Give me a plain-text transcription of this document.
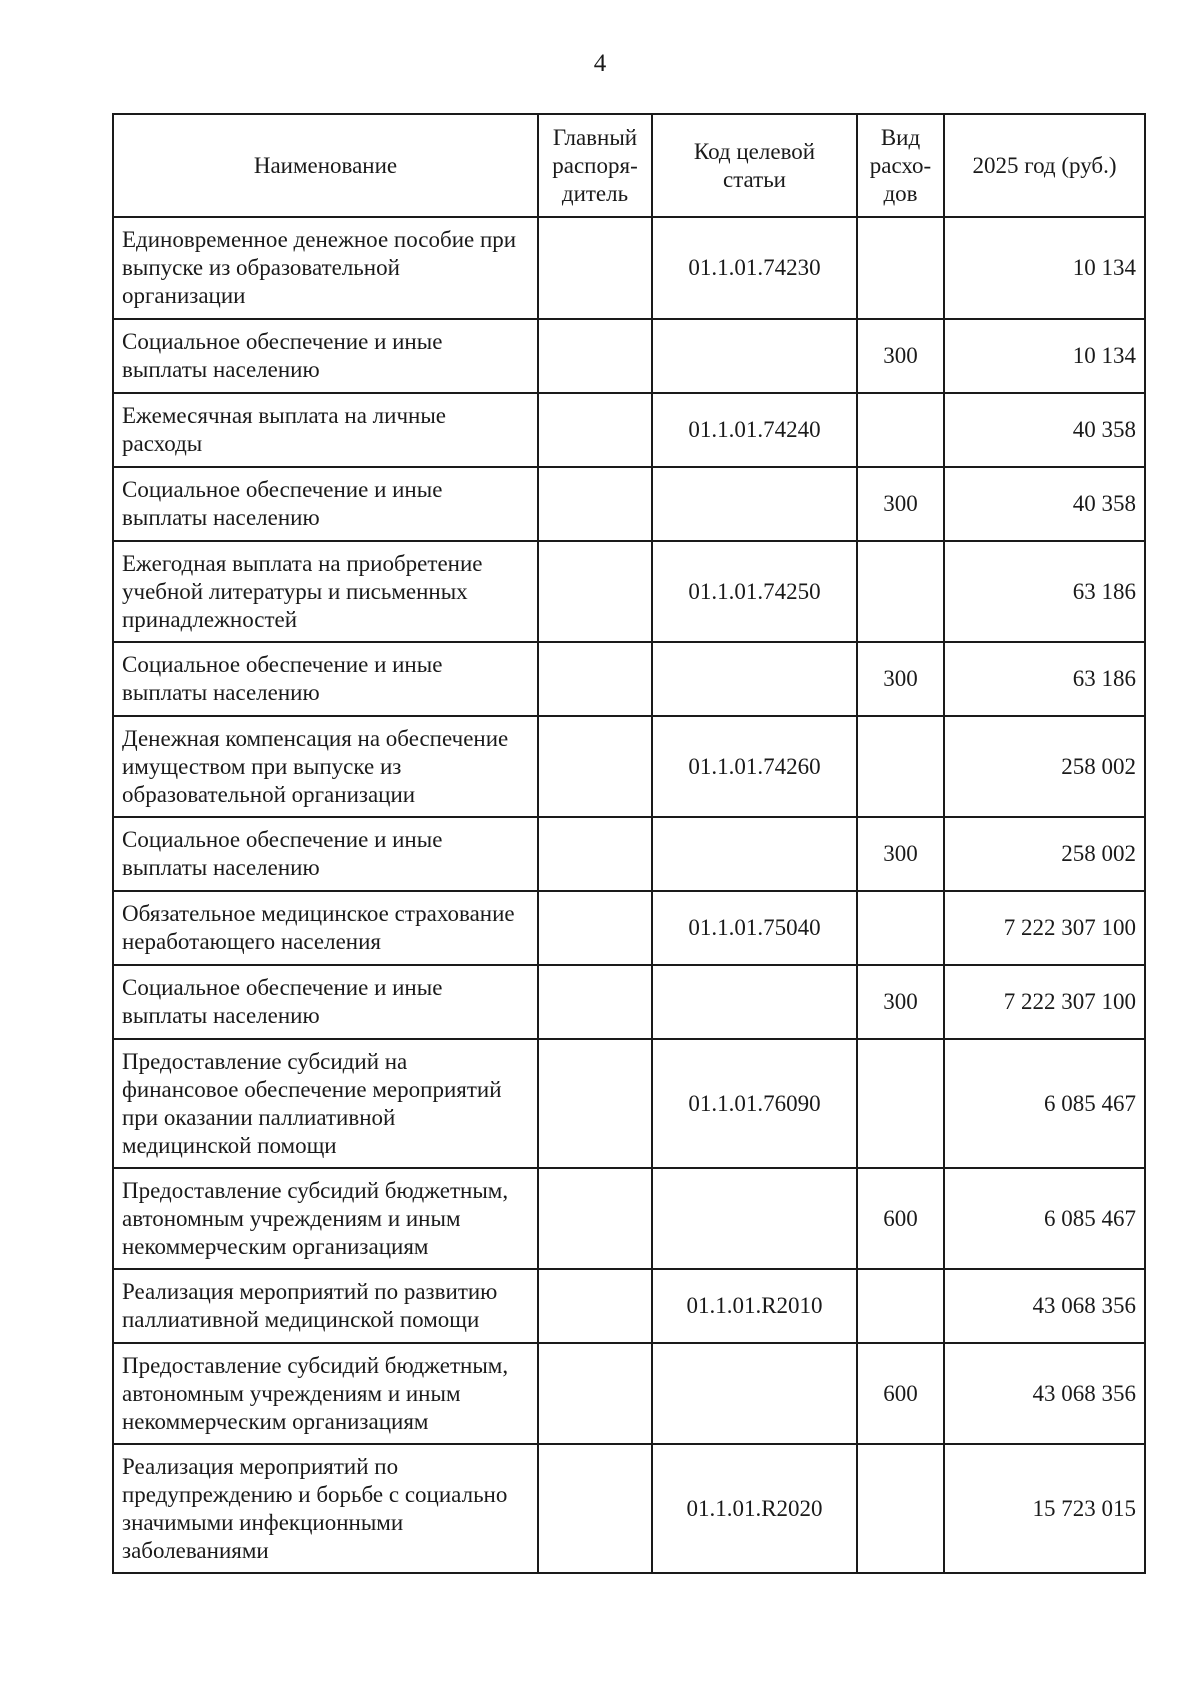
4
Наименование	Главный распоря-дитель	Код целевой статьи	Вид расхо-дов	2025 год (руб.)
Единовременное денежное пособие при выпуске из образовательной организации		01.1.01.74230		10 134
Социальное обеспечение и иные выплаты населению			300	10 134
Ежемесячная выплата на личные расходы		01.1.01.74240		40 358
Социальное обеспечение и иные выплаты населению			300	40 358
Ежегодная выплата на приобретение учебной литературы и письменных принадлежностей		01.1.01.74250		63 186
Социальное обеспечение и иные выплаты населению			300	63 186
Денежная компенсация на обеспечение имуществом при выпуске из образовательной организации		01.1.01.74260		258 002
Социальное обеспечение и иные выплаты населению			300	258 002
Обязательное медицинское страхование неработающего населения		01.1.01.75040		7 222 307 100
Социальное обеспечение и иные выплаты населению			300	7 222 307 100
Предоставление субсидий на финансовое обеспечение мероприятий при оказании паллиативной медицинской помощи		01.1.01.76090		6 085 467
Предоставление субсидий бюджетным, автономным учреждениям и иным некоммерческим организациям			600	6 085 467
Реализация мероприятий по развитию паллиативной медицинской помощи		01.1.01.R2010		43 068 356
Предоставление субсидий бюджетным, автономным учреждениям и иным некоммерческим организациям			600	43 068 356
Реализация мероприятий по предупреждению и борьбе с социально значимыми инфекционными заболеваниями		01.1.01.R2020		15 723 015
